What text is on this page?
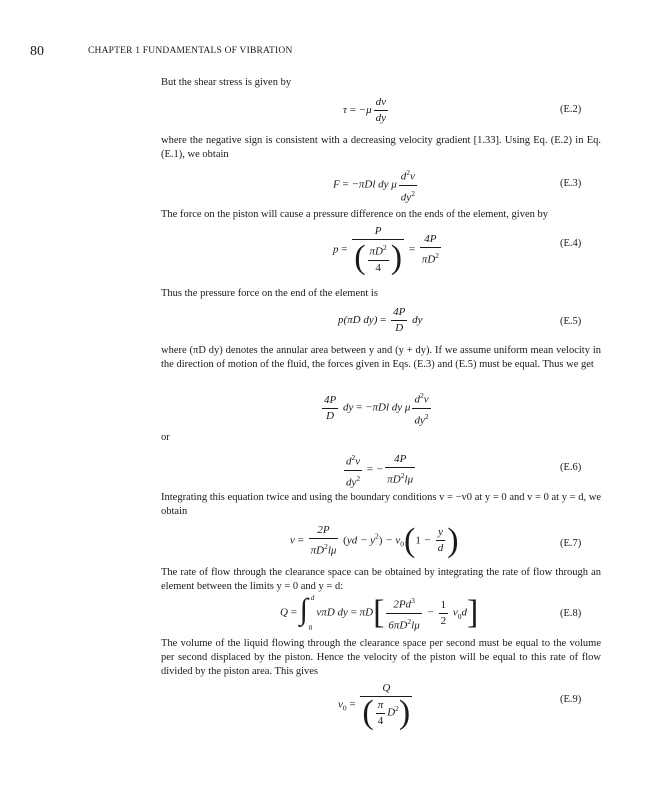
80	CHAPTER 1 FUNDAMENTALS OF VIBRATION
But the shear stress is given by
$\tau = -\mu \frac{dv}{dy}$	(E.2)
where the negative sign is consistent with a decreasing velocity gradient [1.33]. Using Eq. (E.2) in Eq. (E.1), we obtain
F = −πDl dy μ $\frac{d^2v}{dy^2}$	(E.3)
The force on the piston will cause a pressure difference on the ends of the element, given by
$p = \frac{P}{( \frac{\pi D^2}{4} )} = \frac{4P}{\pi D^2}$	(E.4)
Thus the pressure force on the end of the element is
p(πD $dy) = \frac{4P}{D}$ dy	(E.5)
where (πD dy) denotes the annular area between y and (y + dy). If we assume uniform mean velocity in the direction of motion of the fluid, the forces given in Eqs. (E.3) and (E.5) must be equal. Thus we get
$\frac{4P}{D}$ dy = −πDl dy μ $\frac{d^2v}{dy^2}$
or
$\frac{d^2v}{dy^2}$ = − $\frac{4P}{\pi D^2l\mu}$	(E.6)
Integrating this equation twice and using the boundary conditions v = −v0 at y = 0 and v = 0 at y = d, we obtain
$v = \frac{2P}{\pi D^2l\mu} (yd - y^2) - v_0(1 - \frac{y}{d}$ )	(E.7)
The rate of flow through the clearance space can be obtained by integrating the rate of flow through an element between the limits y = 0 and y = d:
Q = ∫ d
0
vπD dy = $\pi D[ \frac{2Pd^3}{6\pi D^2l\mu} - \frac{1}{2} v_0d]$	(E.8)
The volume of the liquid flowing through the clearance space per second must be equal to the volume per second displaced by the piston. Hence the velocity of the piston will be equal to this rate of flow divided by the piston area. This gives
$v_0 = \frac{Q}{( \frac{\pi}{4} D^2)}$	(E.9)
